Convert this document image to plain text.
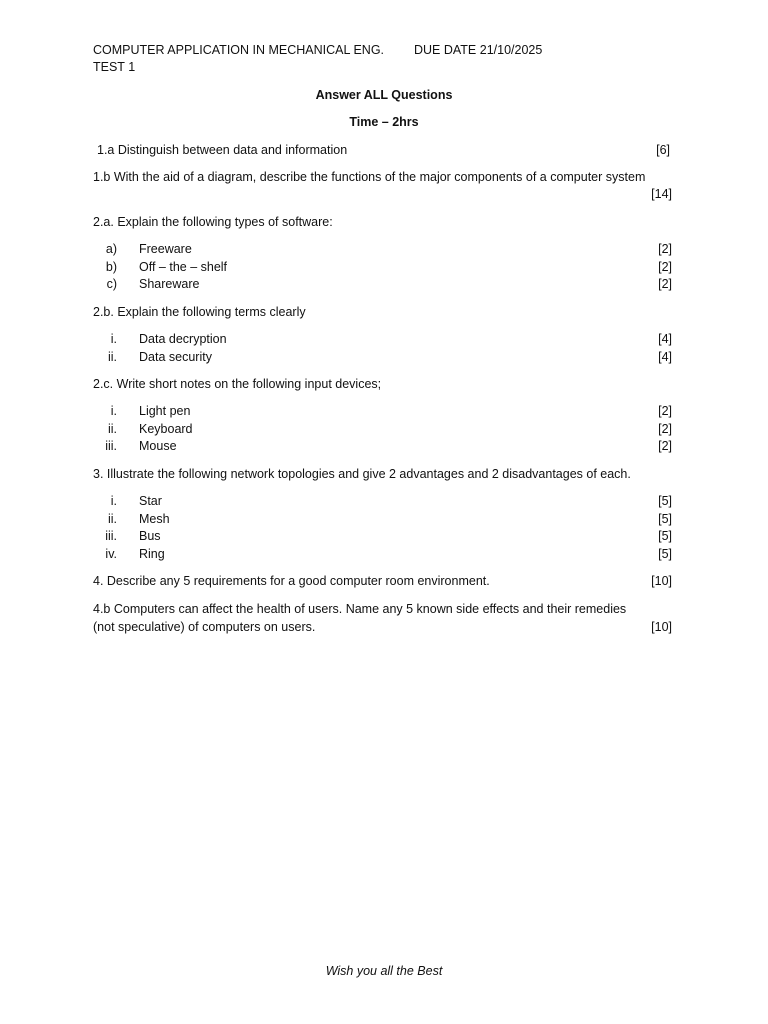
COMPUTER APPLICATION IN MECHANICAL ENG. DUE DATE 21/10/2025
TEST 1
Answer ALL Questions
Time – 2hrs
1.a Distinguish between data and information	[6]
1.b With the aid of a diagram, describe the functions of the major components of a computer system
[14]
2.a. Explain the following types of software:
a) Freeware	[2]
b) Off – the – shelf	[2]
c) Shareware	[2]
2.b. Explain the following terms clearly
i. Data decryption	[4]
ii. Data security	[4]
2.c. Write short notes on the following input devices;
i. Light pen	[2]
ii. Keyboard	[2]
iii. Mouse	[2]
3. Illustrate the following network topologies and give 2 advantages and 2 disadvantages of each.
i. Star	[5]
ii. Mesh	[5]
iii. Bus	[5]
iv. Ring	[5]
4. Describe any 5 requirements for a good computer room environment.	[10]
4.b Computers can affect the health of users. Name any 5 known side effects and their remedies
(not speculative) of computers on users.	[10]
Wish you all the Best
